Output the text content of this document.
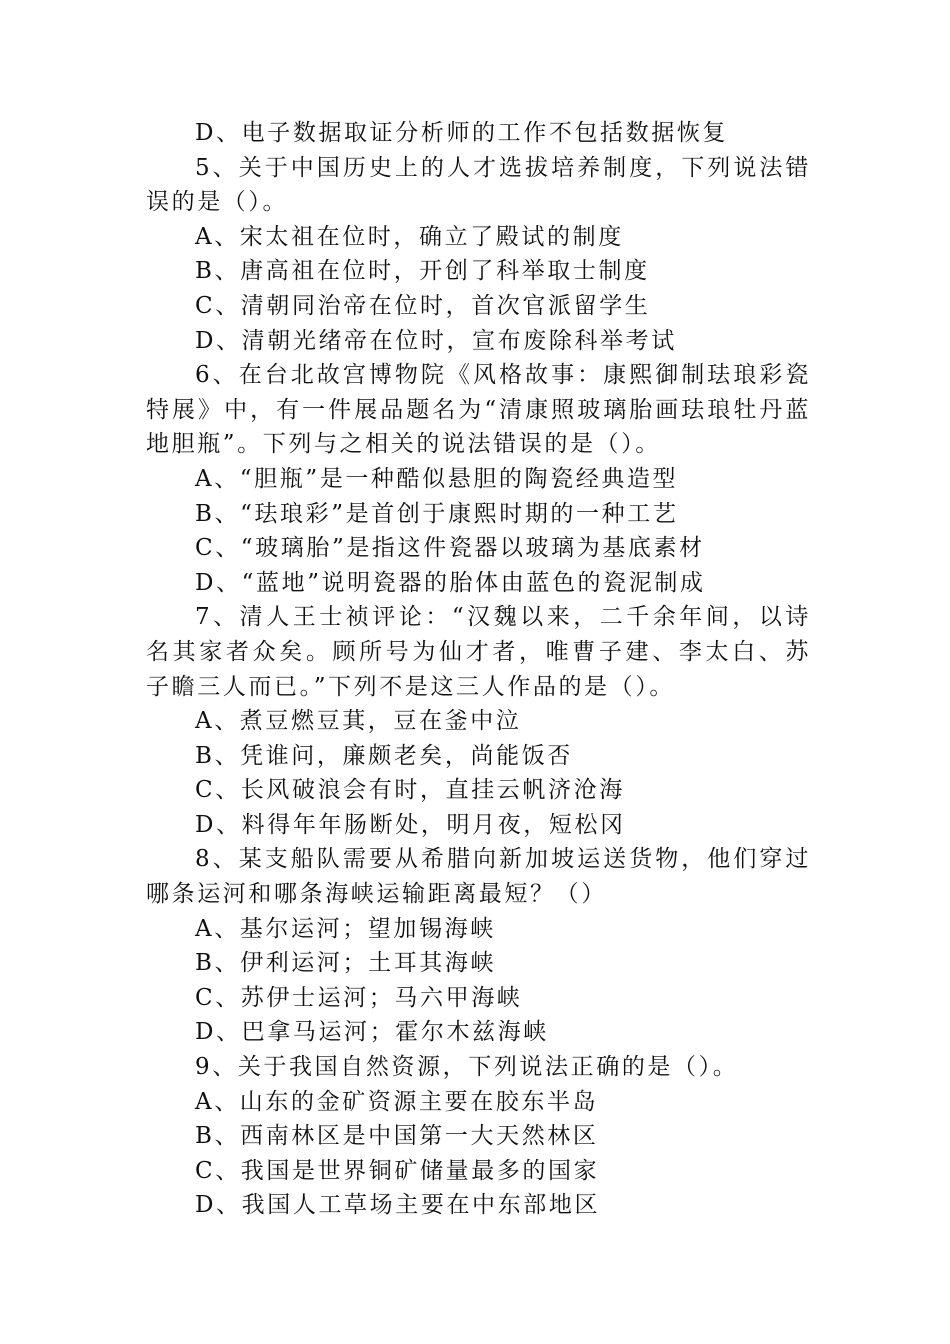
D、电子数据取证分析师的工作不包括数据恢复

5、关于中国历史上的人才选拔培养制度，下列说法错误的是（）。

A、宋太祖在位时，确立了殿试的制度

B、唐高祖在位时，开创了科举取士制度

C、清朝同治帝在位时，首次官派留学生

D、清朝光绪帝在位时，宣布废除科举考试

6、在台北故宫博物院《风格故事：康熙御制珐琅彩瓷特展》中，有一件展品题名为“清康照玻璃胎画珐琅牡丹蓝地胆瓶”。下列与之相关的说法错误的是（）。

A、“胆瓶”是一种酷似悬胆的陶瓷经典造型

B、“珐琅彩”是首创于康熙时期的一种工艺

C、“玻璃胎”是指这件瓷器以玻璃为基底素材

D、“蓝地”说明瓷器的胎体由蓝色的瓷泥制成

7、清人王士祯评论：“汉魏以来，二千余年间，以诗名其家者众矣。顾所号为仙才者，唯曹子建、李太白、苏子瞻三人而已。”下列不是这三人作品的是（）。

A、煮豆燃豆萁，豆在釜中泣

B、凭谁问，廉颇老矣，尚能饭否

C、长风破浪会有时，直挂云帆济沧海

D、料得年年肠断处，明月夜，短松冈

8、某支船队需要从希腊向新加坡运送货物，他们穿过哪条运河和哪条海峡运输距离最短？（）

A、基尔运河；望加锡海峡

B、伊利运河；土耳其海峡

C、苏伊士运河；马六甲海峡

D、巴拿马运河；霍尔木兹海峡

9、关于我国自然资源，下列说法正确的是（）。

A、山东的金矿资源主要在胶东半岛

B、西南林区是中国第一大天然林区

C、我国是世界铜矿储量最多的国家

D、我国人工草场主要在中东部地区
